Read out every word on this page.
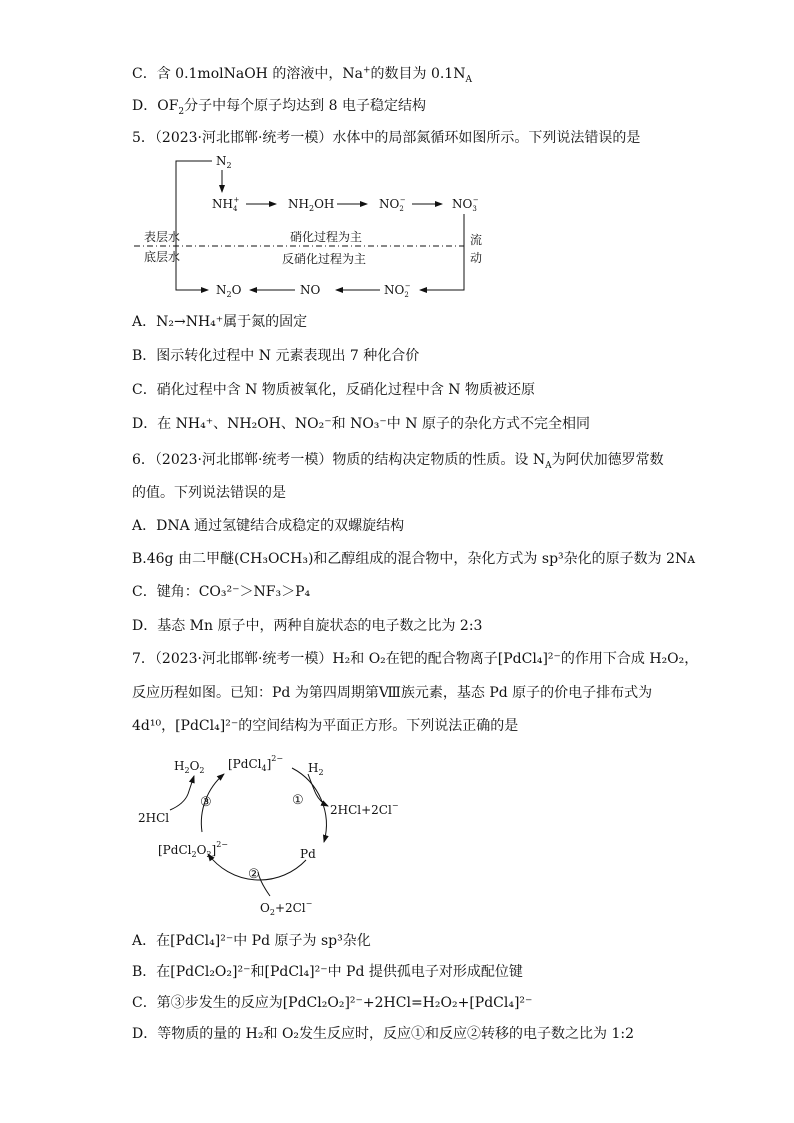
C．含 0.1molNaOH 的溶液中，Na+的数目为 $0.1N_A$
D．$OF_2$分子中每个原子均达到 8 电子稳定结构
5．（2023·河北邯郸·统考一模）水体中的局部氮循环如图所示。下列说法错误的是
$N_2$
$NH_4+$	$NH_2OH$	$NO_2-$	$NO_3-$
表层水
底层水
硝化过程为主
反硝化过程为主
流
动
$NO_2-$
NO
$N_2O$
A．N₂→NH₄⁺属于氮的固定
B．图示转化过程中 N 元素表现出 7 种化合价
C．硝化过程中含 N 物质被氧化，反硝化过程中含 N 物质被还原
D．在 NH₄⁺、NH₂OH、NO₂⁻和 NO₃⁻中 N 原子的杂化方式不完全相同
6．（2023·河北邯郸·统考一模）物质的结构决定物质的性质。设 $N_A$为阿伏加德罗常数
的值。下列说法错误的是
A．DNA 通过氢键结合成稳定的双螺旋结构
B.46g 由二甲醚(CH₃OCH₃)和乙醇组成的混合物中，杂化方式为 sp³杂化的原子数为 2Nᴀ
C．键角：CO₃²⁻＞NF₃＞P₄
D．基态 Mn 原子中，两种自旋状态的电子数之比为 2:3
7．（2023·河北邯郸·统考一模）H₂和 O₂在钯的配合物离子[PdCl₄]²⁻的作用下合成 H₂O₂，
反应历程如图。已知：Pd 为第四周期第Ⅷ族元素，基态 Pd 原子的价电子排布式为
4d¹⁰，[PdCl₄]²⁻的空间结构为平面正方形。下列说法正确的是
[PdCl$_4$]$^{2-}$
$H_2O_2$	$H_2$
①
2HCl+2Cl−
③
2HCl
$[PdCl_2O_2]^{2-}$
Pd
②
$O_2+2Cl^-$
A．在[PdCl₄]²⁻中 Pd 原子为 sp³杂化
B．在[PdCl₂O₂]²⁻和[PdCl₄]²⁻中 Pd 提供孤电子对形成配位键
C．第③步发生的反应为[PdCl₂O₂]²⁻+2HCl=H₂O₂+[PdCl₄]²⁻
D．等物质的量的 H₂和 O₂发生反应时，反应①和反应②转移的电子数之比为 1:2
